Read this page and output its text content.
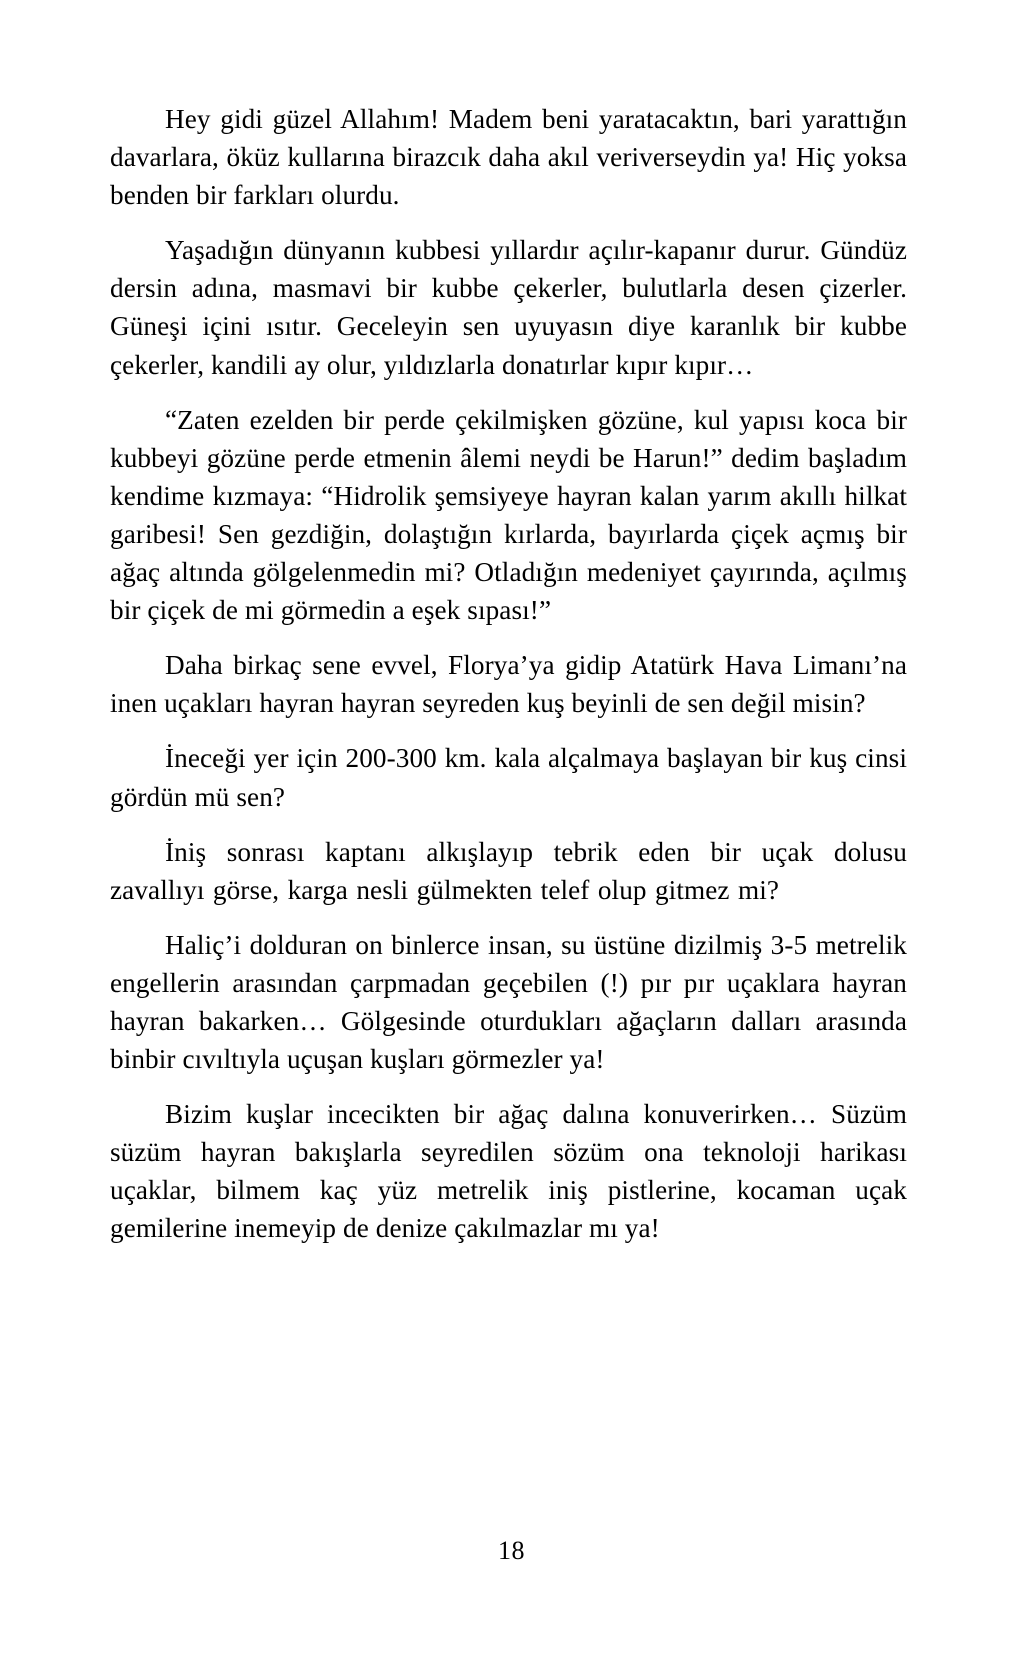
Hey gidi güzel Allahım! Madem beni yaratacaktın, bari yarattığın davarlara, öküz kullarına birazcık daha akıl veriverseydin ya! Hiç yoksa benden bir farkları olurdu.

Yaşadığın dünyanın kubbesi yıllardır açılır-kapanır durur. Gündüz dersin adına, masmavi bir kubbe çekerler, bulutlarla desen çizerler. Güneşi içini ısıtır. Geceleyin sen uyuyasın diye karanlık bir kubbe çekerler, kandili ay olur, yıldızlarla donatırlar kıpır kıpır…

“Zaten ezelden bir perde çekilmişken gözüne, kul yapısı koca bir kubbeyi gözüne perde etmenin âlemi neydi be Harun!” dedim başladım kendime kızmaya: “Hidrolik şemsiyeye hayran kalan yarım akıllı hilkat garibesi! Sen gezdiğin, dolaştığın kırlarda, bayırlarda çiçek açmış bir ağaç altında gölgelenmedin mi? Otladığın medeniyet çayırında, açılmış bir çiçek de mi görmedin a eşek sıpası!”

Daha birkaç sene evvel, Florya’ya gidip Atatürk Hava Limanı’na inen uçakları hayran hayran seyreden kuş beyinli de sen değil misin?

İneceği yer için 200-300 km. kala alçalmaya başlayan bir kuş cinsi gördün mü sen?

İniş sonrası kaptanı alkışlayıp tebrik eden bir uçak dolusu zavallıyı görse, karga nesli gülmekten telef olup gitmez mi?

Haliç’i dolduran on binlerce insan, su üstüne dizilmiş 3-5 metrelik engellerin arasından çarpmadan geçebilen (!) pır pır uçaklara hayran hayran bakarken… Gölgesinde oturdukları ağaçların dalları arasında binbir cıvıltıyla uçuşan kuşları görmezler ya!

Bizim kuşlar incecikten bir ağaç dalına konuverirken… Süzüm süzüm hayran bakışlarla seyredilen sözüm ona teknoloji harikası uçaklar, bilmem kaç yüz metrelik iniş pistlerine, kocaman uçak gemilerine inemeyip de denize çakılmazlar mı ya!

18
